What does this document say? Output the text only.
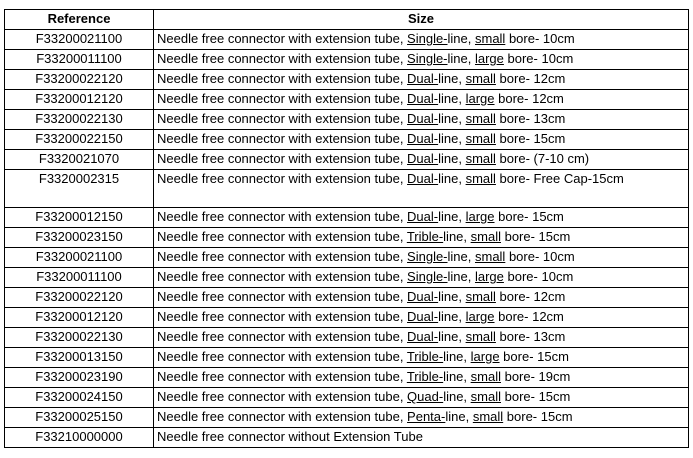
Reference	Size
F33200021100	Needle free connector with extension tube, Single-line, small bore- 10cm
F33200011100	Needle free connector with extension tube, Single-line, large bore- 10cm
F33200022120	Needle free connector with extension tube, Dual-line, small bore- 12cm
F33200012120	Needle free connector with extension tube, Dual-line, large bore- 12cm
F33200022130	Needle free connector with extension tube, Dual-line, small bore- 13cm
F33200022150	Needle free connector with extension tube, Dual-line, small bore- 15cm
F3320021070	Needle free connector with extension tube, Dual-line, small bore- (7-10 cm)
F3320002315	Needle free connector with extension tube, Dual-line, small bore- Free Cap-15cm
F33200012150	Needle free connector with extension tube, Dual-line, large bore- 15cm
F33200023150	Needle free connector with extension tube, Trible-line, small bore- 15cm
F33200021100	Needle free connector with extension tube, Single-line, small bore- 10cm
F33200011100	Needle free connector with extension tube, Single-line, large bore- 10cm
F33200022120	Needle free connector with extension tube, Dual-line, small bore- 12cm
F33200012120	Needle free connector with extension tube, Dual-line, large bore- 12cm
F33200022130	Needle free connector with extension tube, Dual-line, small bore- 13cm
F33200013150	Needle free connector with extension tube, Trible-line, large bore- 15cm
F33200023190	Needle free connector with extension tube, Trible-line, small bore- 19cm
F33200024150	Needle free connector with extension tube, Quad-line, small bore- 15cm
F33200025150	Needle free connector with extension tube, Penta-line, small bore- 15cm
F33210000000	Needle free connector without Extension Tube
